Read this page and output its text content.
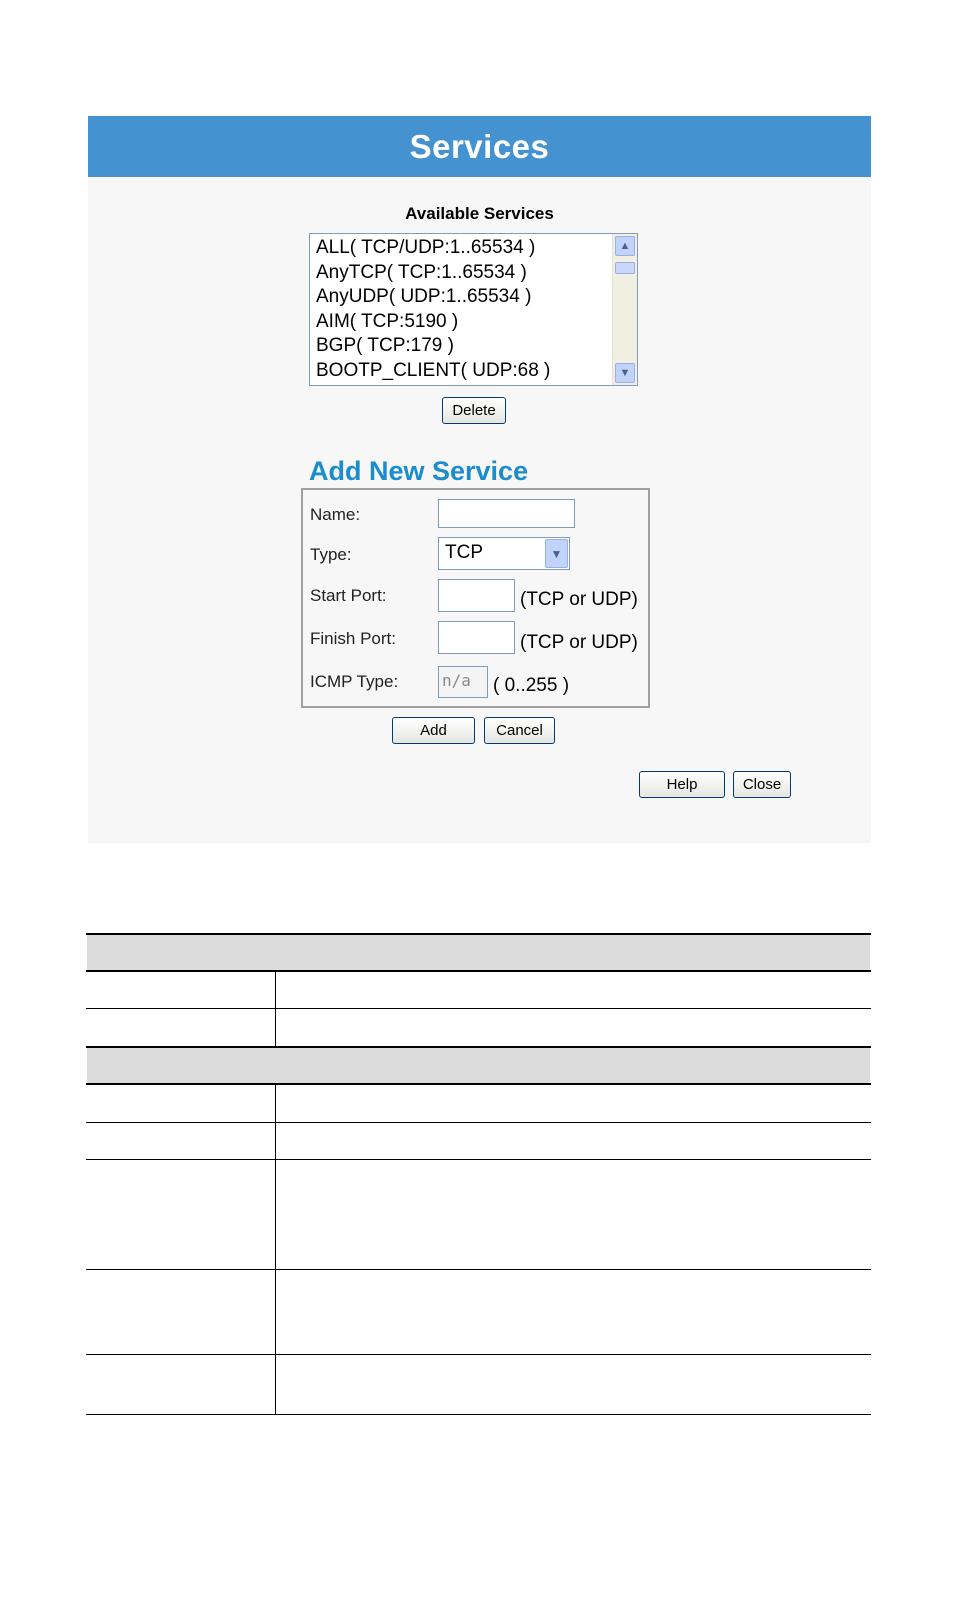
Services
Available Services
ALL( TCP/UDP:1..65534 )
AnyTCP( TCP:1..65534 )
AnyUDP( UDP:1..65534 )
AIM( TCP:5190 )
BGP( TCP:179 )
BOOTP_CLIENT( UDP:68 )
▲
▼
Delete
Add New Service
Name:
Type:	TCP	▼
Start Port:	(TCP or UDP)
Finish Port:	(TCP or UDP)
ICMP Type:	n/a ( 0..255 )
Add	Cancel
Help	Close
